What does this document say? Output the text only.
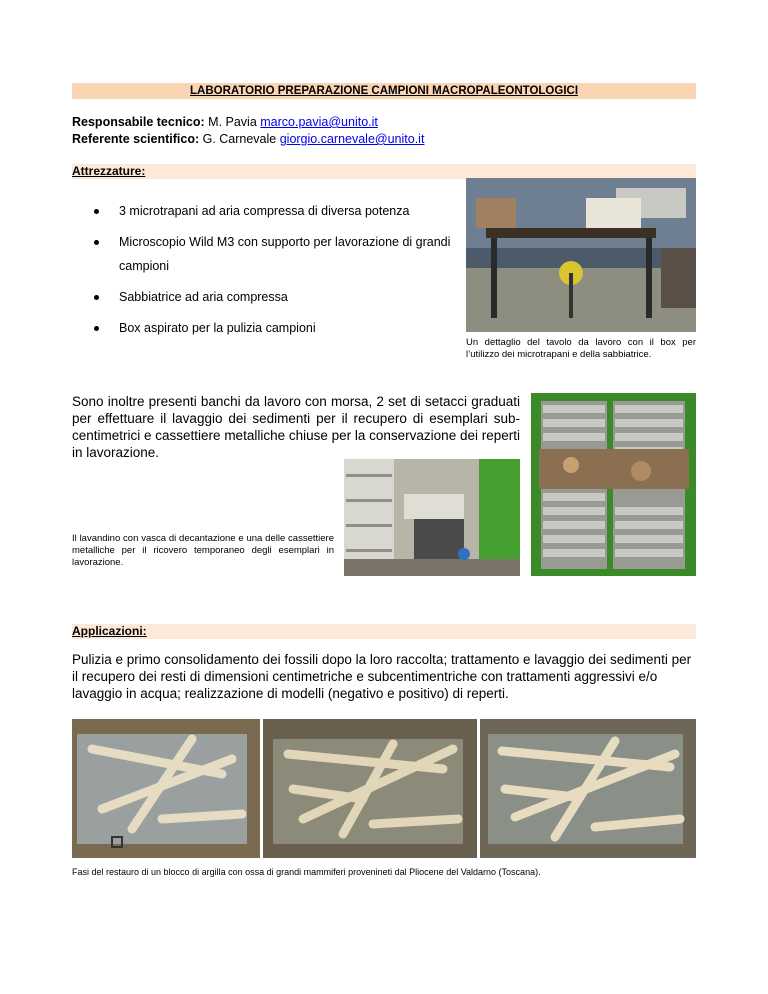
LABORATORIO PREPARAZIONE CAMPIONI MACROPALEONTOLOGICI
Responsabile tecnico: M. Pavia marco.pavia@unito.it
Referente scientifico: G. Carnevale giorgio.carnevale@unito.it
Attrezzature:
3 microtrapani ad aria compressa di diversa potenza
Microscopio Wild M3 con supporto per lavorazione di grandi campioni
Sabbiatrice ad aria compressa
Box aspirato per la pulizia campioni
Un dettaglio del tavolo da lavoro con il box per l’utilizzo dei microtrapani e della sabbiatrice.
Sono inoltre presenti banchi da lavoro con morsa, 2 set di setacci graduati per effettuare il lavaggio dei sedimenti per il recupero di esemplari sub-centimetrici e cassettiere metalliche chiuse per la conservazione dei reperti in lavorazione.
Il lavandino con vasca di decantazione e una delle cassettiere metalliche per il ricovero temporaneo degli esemplari in lavorazione.
Applicazioni:
Pulizia e primo consolidamento dei fossili dopo la loro raccolta; trattamento e lavaggio dei sedimenti per il recupero dei resti di dimensioni centimetriche e subcentimentriche con trattamenti aggressivi e/o lavaggio in acqua; realizzazione di modelli (negativo e positivo) di reperti.
Fasi del restauro di un blocco di argilla con ossa di grandi mammiferi provenineti dal Pliocene del Valdarno (Toscana).
